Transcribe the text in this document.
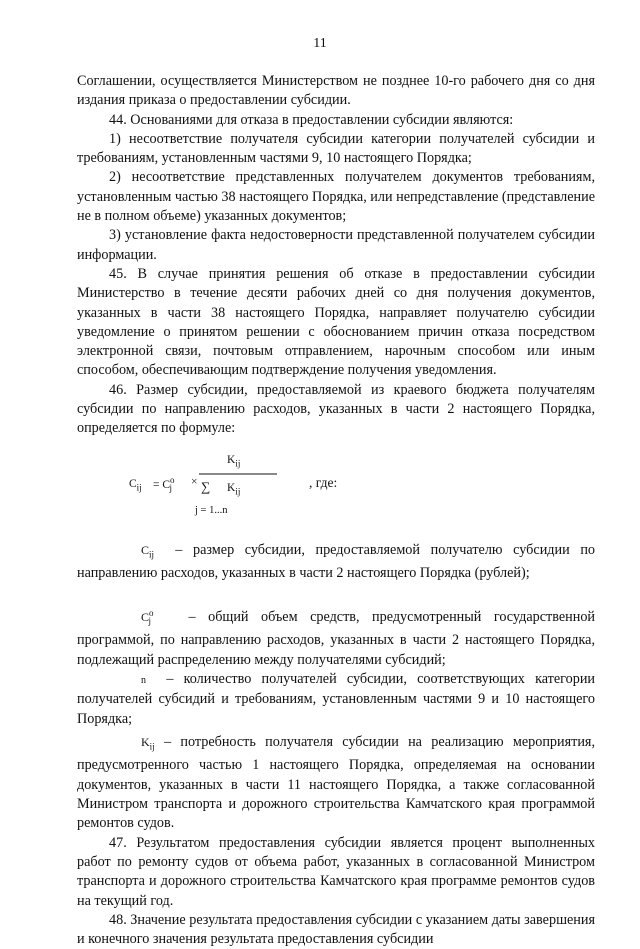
11

Соглашении, осуществляется Министерством не позднее 10-го рабочего дня со дня издания приказа о предоставлении субсидии.

44. Основаниями для отказа в предоставлении субсидии являются:

1) несоответствие получателя субсидии категории получателей субсидии и требованиям, установленным частями 9, 10 настоящего Порядка;

2) несоответствие представленных получателем документов требованиям, установленным частью 38 настоящего Порядка, или непредставление (представление не в полном объеме) указанных документов;

3) установление факта недостоверности представленной получателем субсидии информации.

45. В случае принятия решения об отказе в предоставлении субсидии Министерство в течение десяти рабочих дней со дня получения документов, указанных в части 38 настоящего Порядка, направляет получателю субсидии уведомление о принятом решении с обоснованием причин отказа посредством электронной связи, почтовым отправлением, нарочным способом или иным способом, обеспечивающим подтверждение получения уведомления.

46. Размер субсидии, предоставляемой из краевого бюджета получателям субсидии по направлению расходов, указанных в части 2 настоящего Порядка, определяется по формуле:

$C_{ij} = C^o_j$
×
$K_{ij}$
∑ $K_{ij}$
j = 1...n
, где:

$C_{ij}$ – размер субсидии, предоставляемой получателю субсидии по направлению расходов, указанных в части 2 настоящего Порядка (рублей);

$C^o_j$	– общий объем средств, предусмотренный государственной программой, по направлению расходов, указанных в части 2 настоящего Порядка, подлежащий распределению между получателями субсидий;

n – количество получателей субсидии, соответствующих категории получателей субсидий и требованиям, установленным частями 9 и 10 настоящего Порядка;

$K_{ij}$ – потребность получателя субсидии на реализацию мероприятия, предусмотренного частью 1 настоящего Порядка, определяемая на основании документов, указанных в части 11 настоящего Порядка, а также согласованной Министром транспорта и дорожного строительства Камчатского края программой ремонтов судов.

47. Результатом предоставления субсидии является процент выполненных работ по ремонту судов от объема работ, указанных в согласованной Министром транспорта и дорожного строительства Камчатского края программе ремонтов судов на текущий год.

48. Значение результата предоставления субсидии с указанием даты завершения и конечного значения результата предоставления субсидии
